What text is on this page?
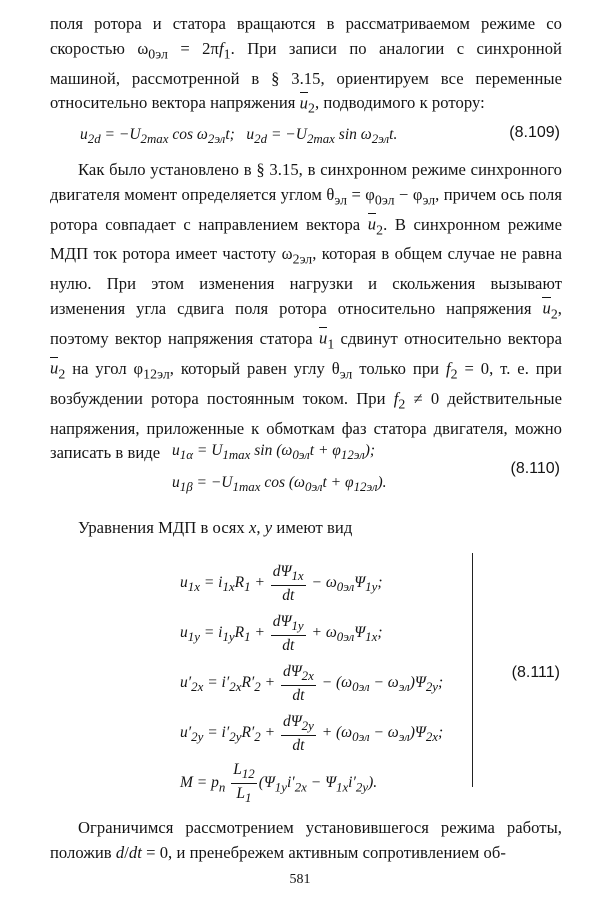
поля ротора и статора вращаются в рассматриваемом режиме со скоростью $\omega_{0эл} = 2\pi f_1$. При записи по аналогии с синхронной машиной, рассмотренной в § 3.15, ориентируем все переменные относительно вектора напряжения $u_2$, подводимого к ротору:

$u_{2d} = -U_{2max}$ $\cos \omega_{2эл}t$;   $u_{2d} = -U_{2max}$ $\sin \omega_{2эл}t$.	(8.109)

Как было установлено в § 3.15, в синхронном режиме синхронного двигателя момент определяется углом $\theta_{эл} = \varphi_{0эл} - \varphi_{эл}$, причем ось поля ротора совпадает с направлением вектора $u_2$. В синхронном режиме МДП ток ротора имеет частоту $\omega_{2эл}$, которая в общем случае не равна нулю. При этом изменения нагрузки и скольжения вызывают изменения угла сдвига поля ротора относительно напряжения $u_2$, поэтому вектор напряжения статора $u_1$ сдвинут относительно вектора $u_2$ на угол $\varphi_{12эл}$, который равен углу $\theta_{эл}$ только при $f_2 = 0$, т. е. при возбуждении ротора постоянным током. При $f_2 \ne 0$ действительные напряжения, приложенные к обмоткам фаз статора двигателя, можно записать в виде $u_{1\alpha} = U_{1max}$ $\sin (\omega_{0эл}t + \varphi_{12эл})$;
$u_{1\beta} = -U_{1max}$ $\cos (\omega_{0эл}t + \varphi_{12эл})$.
(8.110)

Уравнения МДП в осях x, y имеют вид

$u_{1x} = i_{1x}R_1 + \frac{d\Psi_{1x}}{dt} - \omega_{0эл}\Psi_{1y}$;
$u_{1y} = i_{1y}R_1 + \frac{d\Psi_{1y}}{dt} + \omega_{0эл}\Psi_{1x}$;
$u'_{2x} = i'_{2x}R'_2 + \frac{d\Psi_{2x}}{dt} - (\omega_{0эл} - \omega_{эл})\Psi_{2y}$;
$u'_{2y} = i'_{2y}R'_2 + \frac{d\Psi_{2y}}{dt} + (\omega_{0эл} - \omega_{эл})\Psi_{2x}$;
$M = p_п \frac{L_{12}}{L_1} (\Psi_{1y}i'_{2x} - \Psi_{1x}i'_{2y})$.
(8.111)

Ограничимся рассмотрением установившегося режима работы, положив d/dt = 0, и пренебрежем активным сопротивлением об-

581
